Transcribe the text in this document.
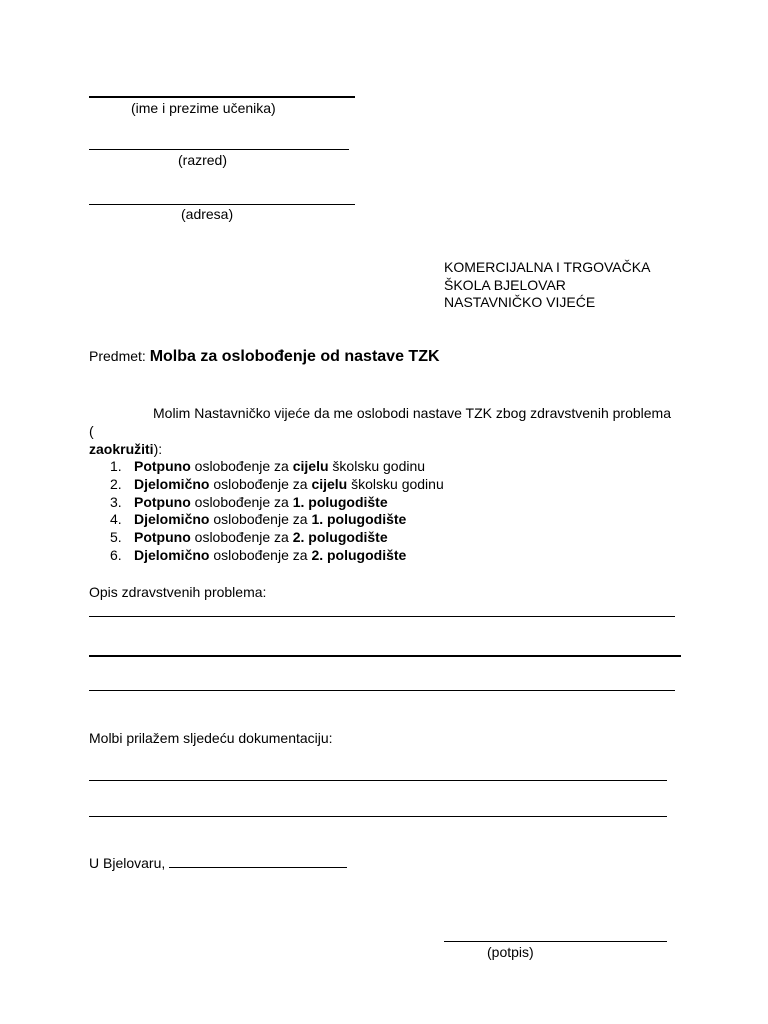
(ime i prezime učenika)
(razred)
(adresa)
KOMERCIJALNA I TRGOVAČKA
ŠKOLA BJELOVAR
NASTAVNIČKO VIJEĆE
Predmet: Molba za oslobođenje od nastave TZK
Molim Nastavničko vijeće da me oslobodi nastave TZK zbog zdravstvenih problema (zaokružiti):
1. Potpuno oslobođenje za cijelu školsku godinu
2. Djelomično oslobođenje za cijelu školsku godinu
3. Potpuno oslobođenje za 1. polugodište
4. Djelomično oslobođenje za 1. polugodište
5. Potpuno oslobođenje za 2. polugodište
6. Djelomično oslobođenje za 2. polugodište
Opis zdravstvenih problema:
Molbi prilažem sljedeću dokumentaciju:
U Bjelovaru,
(potpis)
